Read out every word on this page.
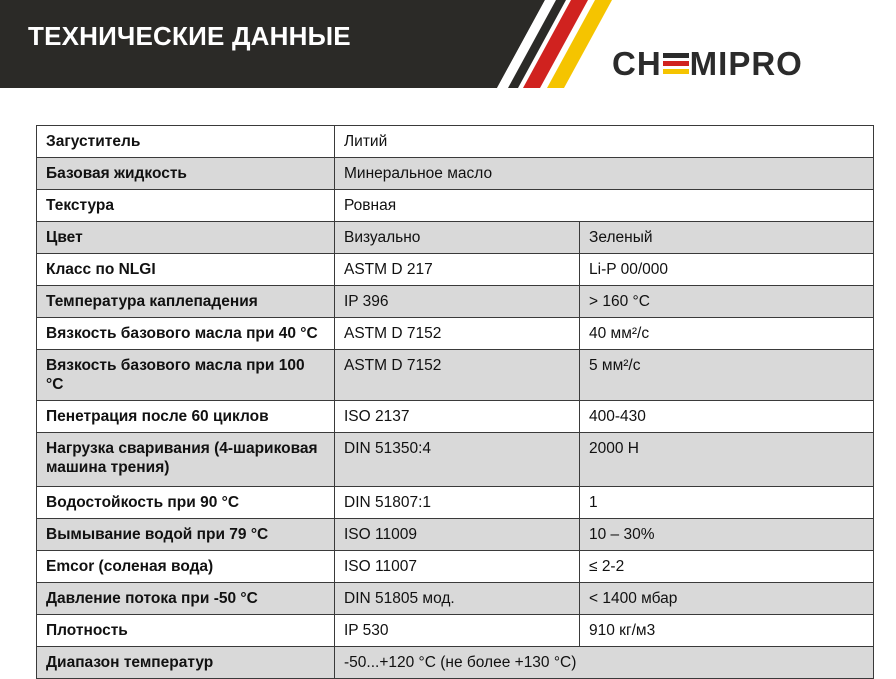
ТЕХНИЧЕСКИЕ ДАННЫЕ
CH MIPRO
Загуститель	Литий	
Базовая жидкость	Минеральное масло	
Текстура	Ровная	
Цвет	Визуально	Зеленый
Класс по NLGI	ASTM D 217	Li-P 00/000
Температура каплепадения	IP 396	> 160 °C
Вязкость базового масла при 40 °C	ASTM D 7152	40 мм²/с
Вязкость базового масла при 100 °C	ASTM D 7152	5 мм²/с
Пенетрация после 60 циклов	ISO 2137	400-430
Нагрузка сваривания (4-шариковая машина трения)	DIN 51350:4	2000 Н
Водостойкость при 90 °C	DIN 51807:1	1
Вымывание водой при 79 °C	ISO 11009	10 – 30%
Emcor (соленая вода)	ISO 11007	≤ 2-2
Давление потока при -50 °C	DIN 51805 мод.	< 1400 мбар
Плотность	IP 530	910 кг/м3
Диапазон температур	-50...+120 °C (не более +130 °C)	
